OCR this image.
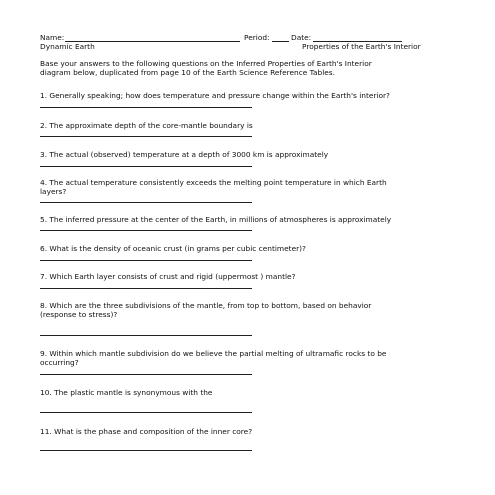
Name:	Period:	Date:
Dynamic Earth	Properties of the Earth's Interior
Base your answers to the following questions on the Inferred Properties of Earth's Interior
diagram below, duplicated from page 10 of the Earth Science Reference Tables.
1. Generally speaking; how does temperature and pressure change within the Earth's interior?
2. The approximate depth of the core-mantle boundary is
3. The actual (observed) temperature at a depth of 3000 km is approximately
4. The actual temperature consistently exceeds the melting point temperature in which Earth
layers?
5. The inferred pressure at the center of the Earth, in millions of atmospheres is approximately
6. What is the density of oceanic crust (in grams per cubic centimeter)?
7. Which Earth layer consists of crust and rigid (uppermost ) mantle?
8. Which are the three subdivisions of the mantle, from top to bottom, based on behavior
(response to stress)?
9. Within which mantle subdivision do we believe the partial melting of ultramafic rocks to be
occurring?
10. The plastic mantle is synonymous with the
11. What is the phase and composition of the inner core?
